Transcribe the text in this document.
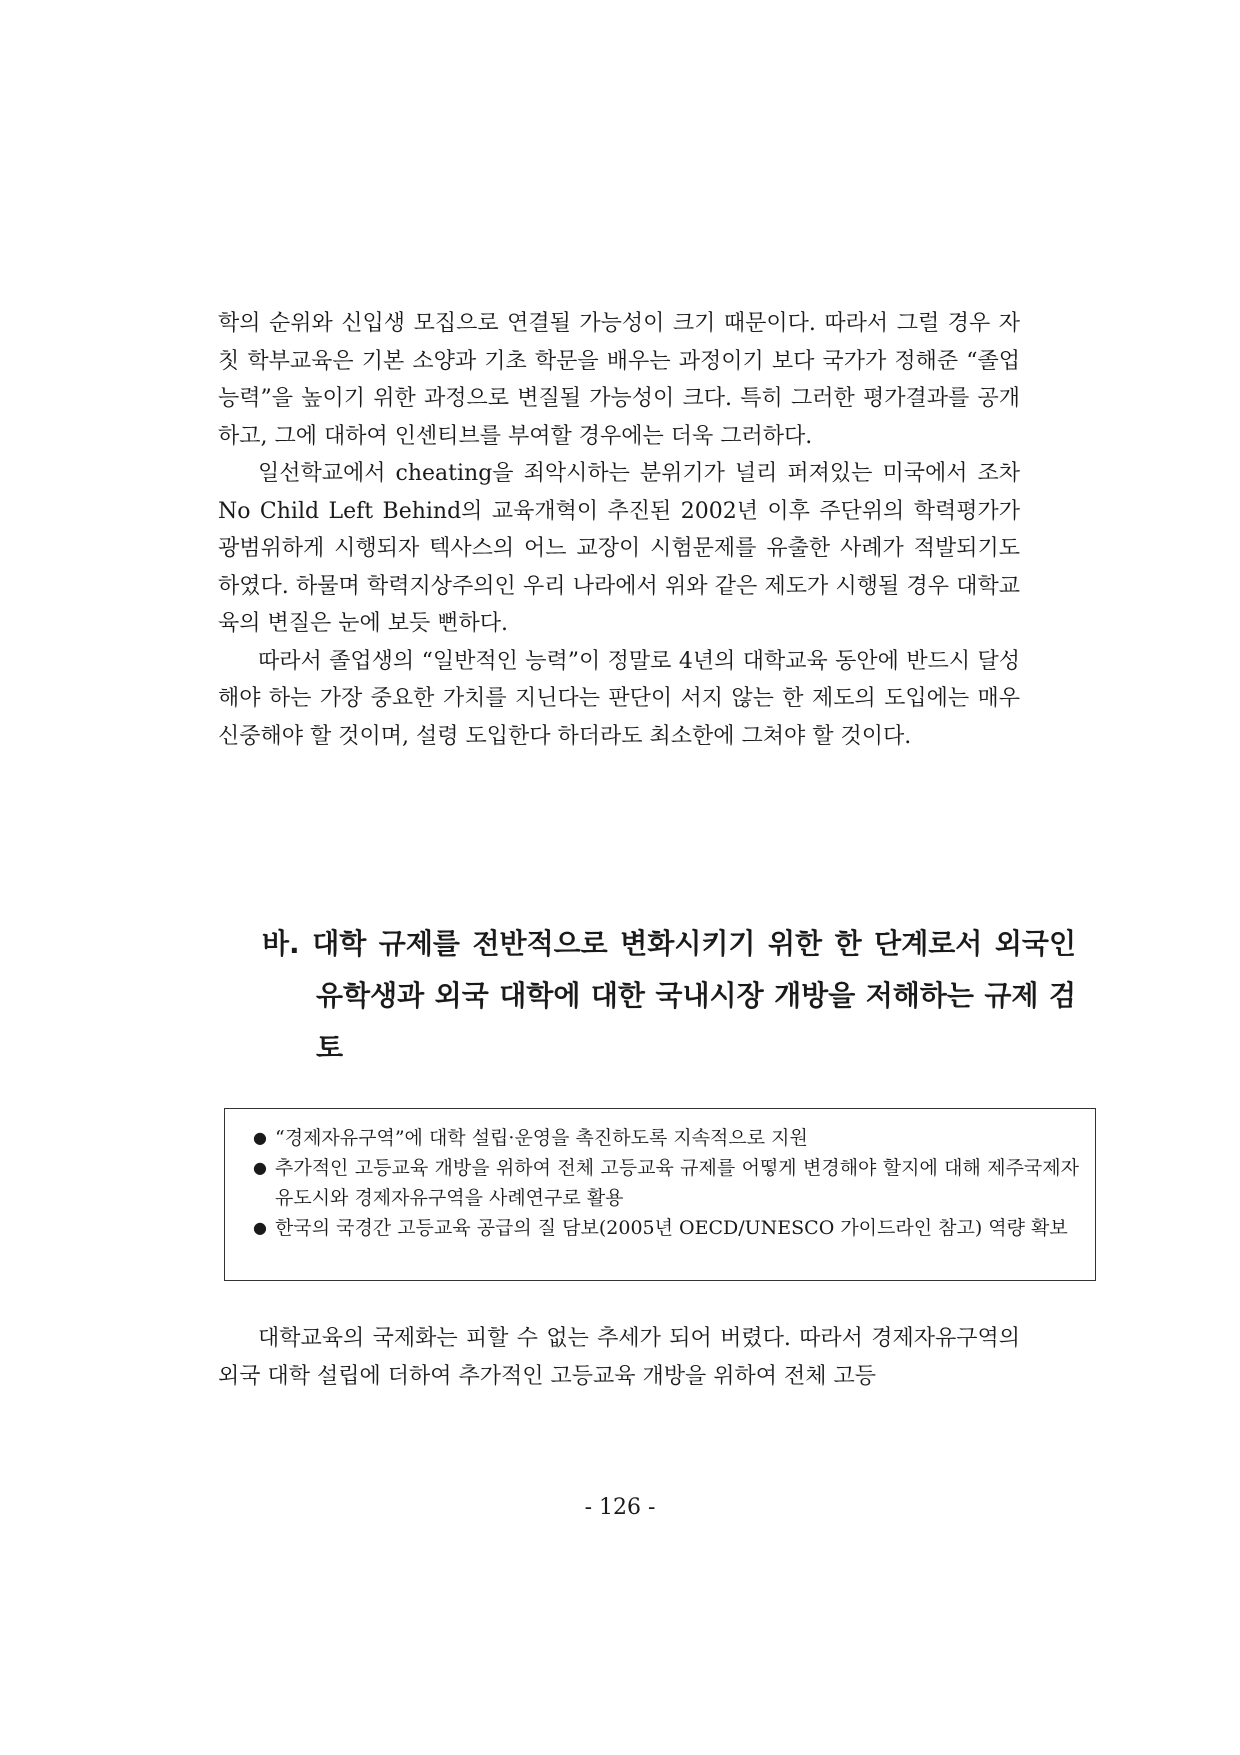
학의 순위와 신입생 모집으로 연결될 가능성이 크기 때문이다. 따라서 그럴 경우 자칫 학부교육은 기본 소양과 기초 학문을 배우는 과정이기 보다 국가가 정해준 “졸업 능력”을 높이기 위한 과정으로 변질될 가능성이 크다. 특히 그러한 평가결과를 공개하고, 그에 대하여 인센티브를 부여할 경우에는 더욱 그러하다.

일선학교에서 cheating을 죄악시하는 분위기가 널리 퍼져있는 미국에서 조차 No Child Left Behind의 교육개혁이 추진된 2002년 이후 주단위의 학력평가가 광범위하게 시행되자 텍사스의 어느 교장이 시험문제를 유출한 사례가 적발되기도 하였다. 하물며 학력지상주의인 우리 나라에서 위와 같은 제도가 시행될 경우 대학교육의 변질은 눈에 보듯 뻔하다.

따라서 졸업생의 “일반적인 능력”이 정말로 4년의 대학교육 동안에 반드시 달성해야 하는 가장 중요한 가치를 지닌다는 판단이 서지 않는 한 제도의 도입에는 매우 신중해야 할 것이며, 설령 도입한다 하더라도 최소한에 그쳐야 할 것이다.

바. 대학 규제를 전반적으로 변화시키기 위한 한 단계로서 외국인 유학생과 외국 대학에 대한 국내시장 개방을 저해하는 규제 검토
● “경제자유구역”에 대학 설립·운영을 촉진하도록 지속적으로 지원
● 추가적인 고등교육 개방을 위하여 전체 고등교육 규제를 어떻게 변경해야 할지에 대해 제주국제자유도시와 경제자유구역을 사례연구로 활용
● 한국의 국경간 고등교육 공급의 질 담보(2005년 OECD/UNESCO 가이드라인 참고) 역량 확보

대학교육의 국제화는 피할 수 없는 추세가 되어 버렸다. 따라서 경제자유구역의 외국 대학 설립에 더하여 추가적인 고등교육 개방을 위하여 전체 고등

- 126 -
